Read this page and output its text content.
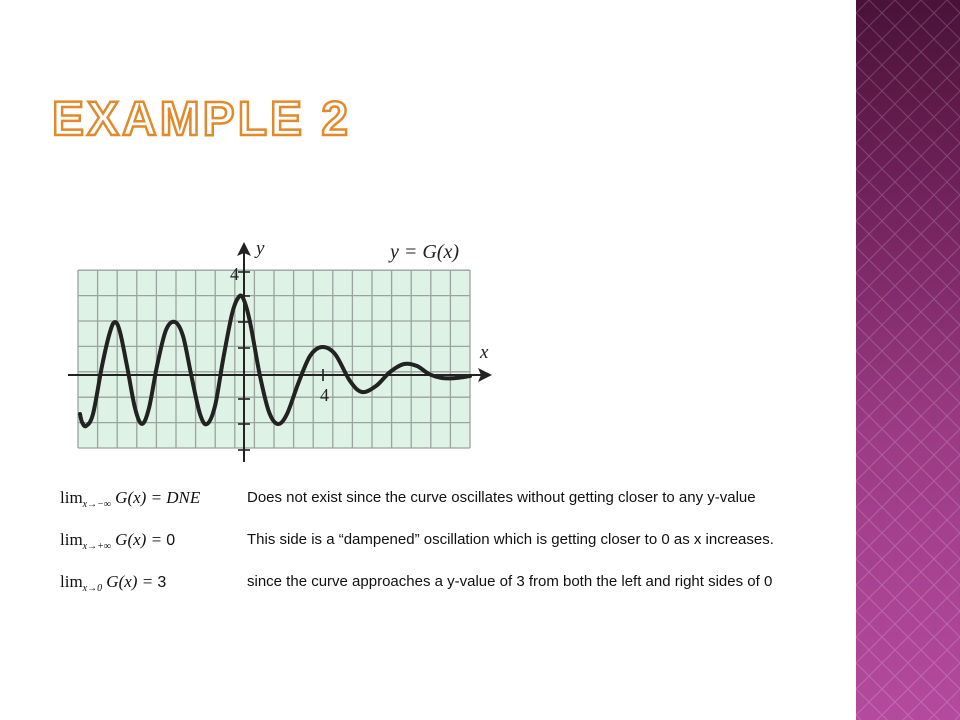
EXAMPLE 2
4
4
y
x
y = G(x)
$\lim_{x\to-\infty} G(x)$ = DNE	Does not exist since the curve oscillates without getting closer to any y-value
$\lim_{x\to+\infty} G(x) = 0$	This side is a “dampened” oscillation which is getting closer to 0 as x increases.
$\lim_{x\to 0} G(x) = 3$	since the curve approaches a y-value of 3 from both the left and right sides of 0
